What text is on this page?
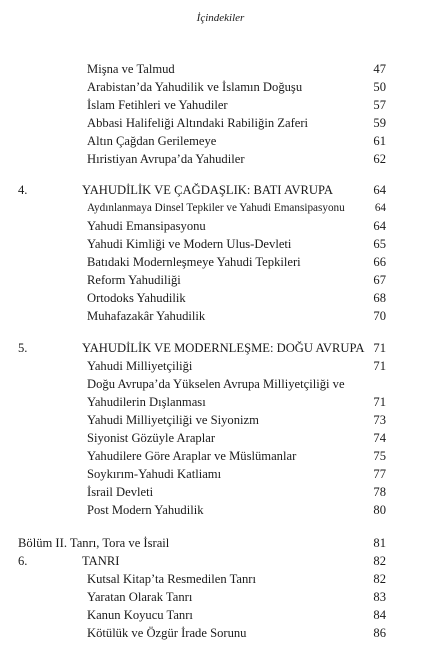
İçindekiler
Mişna ve Talmud	47
Arabistan’da Yahudilik ve İslamın Doğuşu	50
İslam Fetihleri ve Yahudiler	57
Abbasi Halifeliği Altındaki Rabiliğin Zaferi	59
Altın Çağdan Gerilemeye	61
Hıristiyan Avrupa’da Yahudiler	62
4.	YAHUDİLİK VE ÇAĞDAŞLIK: BATI AVRUPA	64
Aydınlanmaya Dinsel Tepkiler ve Yahudi Emansipasyonu	64
Yahudi Emansipasyonu	64
Yahudi Kimliği ve Modern Ulus-Devleti	65
Batıdaki Modernleşmeye Yahudi Tepkileri	66
Reform Yahudiliği	67
Ortodoks Yahudilik	68
Muhafazakâr Yahudilik	70
5.	YAHUDİLİK VE MODERNLEŞME: DOĞU AVRUPA 71
Yahudi Milliyetçiliği	71
Doğu Avrupa’da Yükselen Avrupa Milliyetçiliği ve
Yahudilerin Dışlanması	71
Yahudi Milliyetçiliği ve Siyonizm	73
Siyonist Gözüyle Araplar	74
Yahudilere Göre Araplar ve Müslümanlar	75
Soykırım-Yahudi Katliamı	77
İsrail Devleti	78
Post Modern Yahudilik	80
Bölüm II. Tanrı, Tora ve İsrail	81
6.	TANRI	82
Kutsal Kitap’ta Resmedilen Tanrı	82
Yaratan Olarak Tanrı	83
Kanun Koyucu Tanrı	84
Kötülük ve Özgür İrade Sorunu	86
